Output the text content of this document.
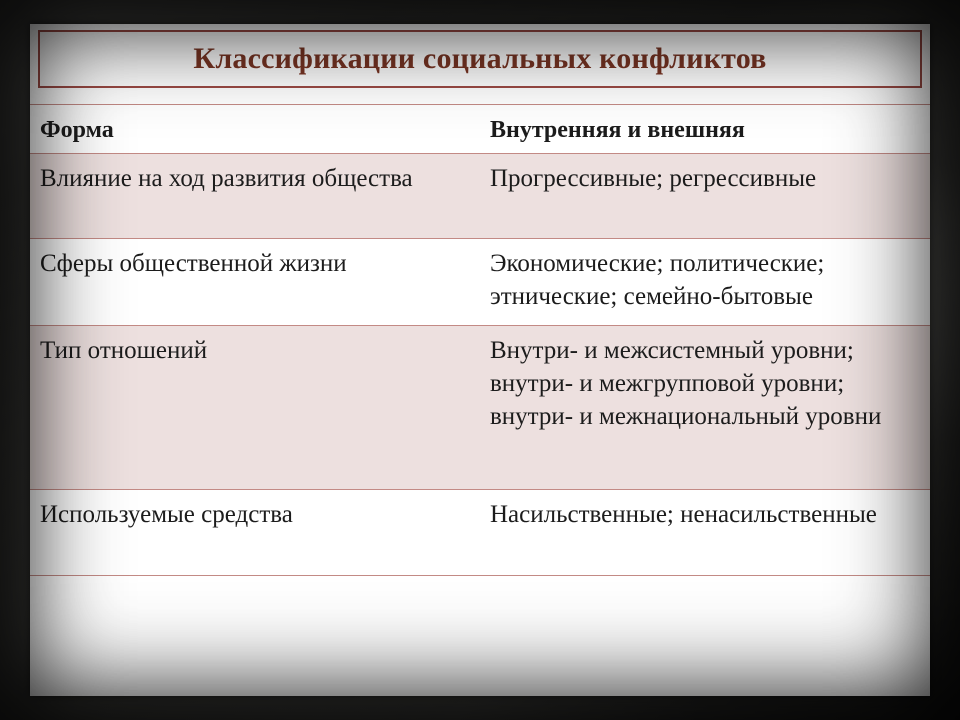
Классификации социальных конфликтов
Форма	Внутренняя и внешняя
Влияние на ход развития общества	Прогрессивные; регрессивные
Сферы общественной жизни	Экономические; политические; этнические; семейно-бытовые
Тип отношений	Внутри- и межсистемный уровни; внутри- и межгрупповой уровни; внутри- и межнациональный уровни
Используемые средства	Насильственные; ненасильственные
